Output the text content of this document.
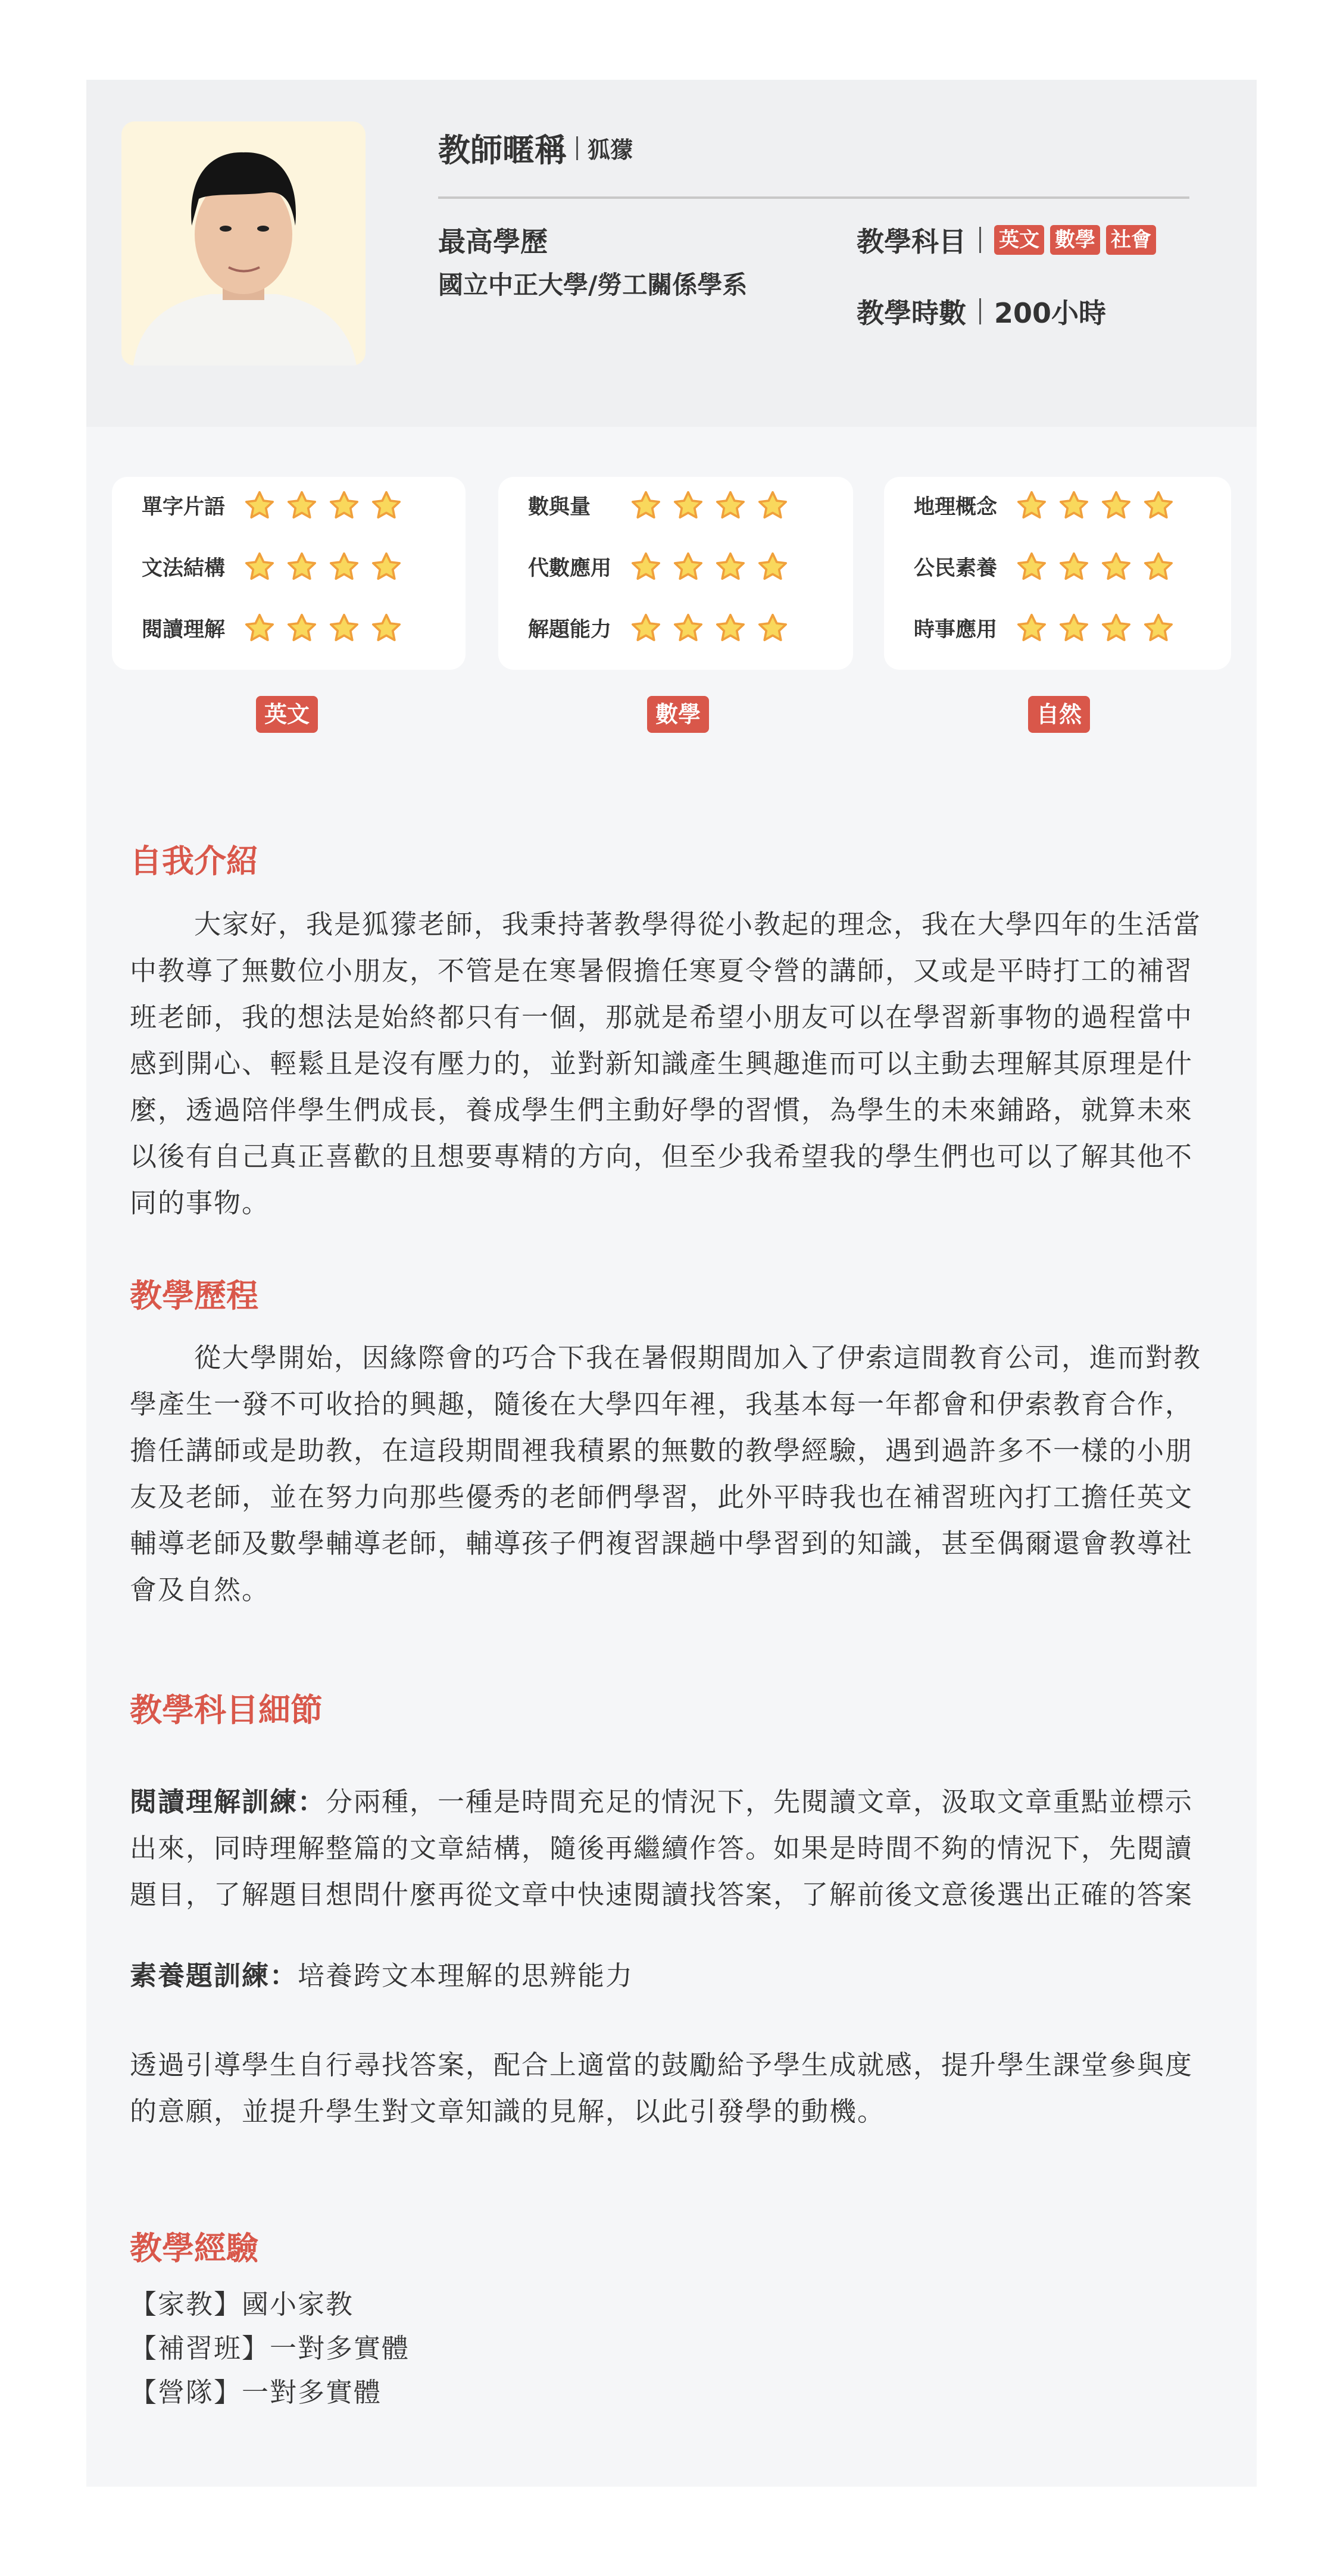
教師暱稱 狐獴
最高學歷
國立中正大學/勞工關係學系
教學科目 英文 數學 社會
教學時數 200小時
單字片語
文法結構
閱讀理解
英文
數與量
代數應用
解題能力
數學
地理概念
公民素養
時事應用
自然
自我介紹
大家好，我是狐獴老師，我秉持著教學得從小教起的理念，我在大學四年的生活當中教導了無數位小朋友，不管是在寒暑假擔任寒夏令營的講師，又或是平時打工的補習班老師，我的想法是始終都只有一個，那就是希望小朋友可以在學習新事物的過程當中感到開心、輕鬆且是沒有壓力的，並對新知識產生興趣進而可以主動去理解其原理是什麼，透過陪伴學生們成長，養成學生們主動好學的習慣，為學生的未來鋪路，就算未來以後有自己真正喜歡的且想要專精的方向，但至少我希望我的學生們也可以了解其他不同的事物。
教學歷程
從大學開始，因緣際會的巧合下我在暑假期間加入了伊索這間教育公司，進而對教學產生一發不可收拾的興趣，隨後在大學四年裡，我基本每一年都會和伊索教育合作，擔任講師或是助教，在這段期間裡我積累的無數的教學經驗，遇到過許多不一樣的小朋友及老師，並在努力向那些優秀的老師們學習，此外平時我也在補習班內打工擔任英文輔導老師及數學輔導老師，輔導孩子們複習課趟中學習到的知識，甚至偶爾還會教導社會及自然。
教學科目細節
閱讀理解訓練：分兩種，一種是時間充足的情況下，先閱讀文章，汲取文章重點並標示出來，同時理解整篇的文章結構，隨後再繼續作答。如果是時間不夠的情況下，先閱讀題目，了解題目想問什麼再從文章中快速閱讀找答案，了解前後文意後選出正確的答案
素養題訓練：培養跨文本理解的思辨能力
透過引導學生自行尋找答案，配合上適當的鼓勵給予學生成就感，提升學生課堂參與度的意願，並提升學生對文章知識的見解，以此引發學的動機。
教學經驗
【家教】國小家教
【補習班】一對多實體
【營隊】一對多實體
